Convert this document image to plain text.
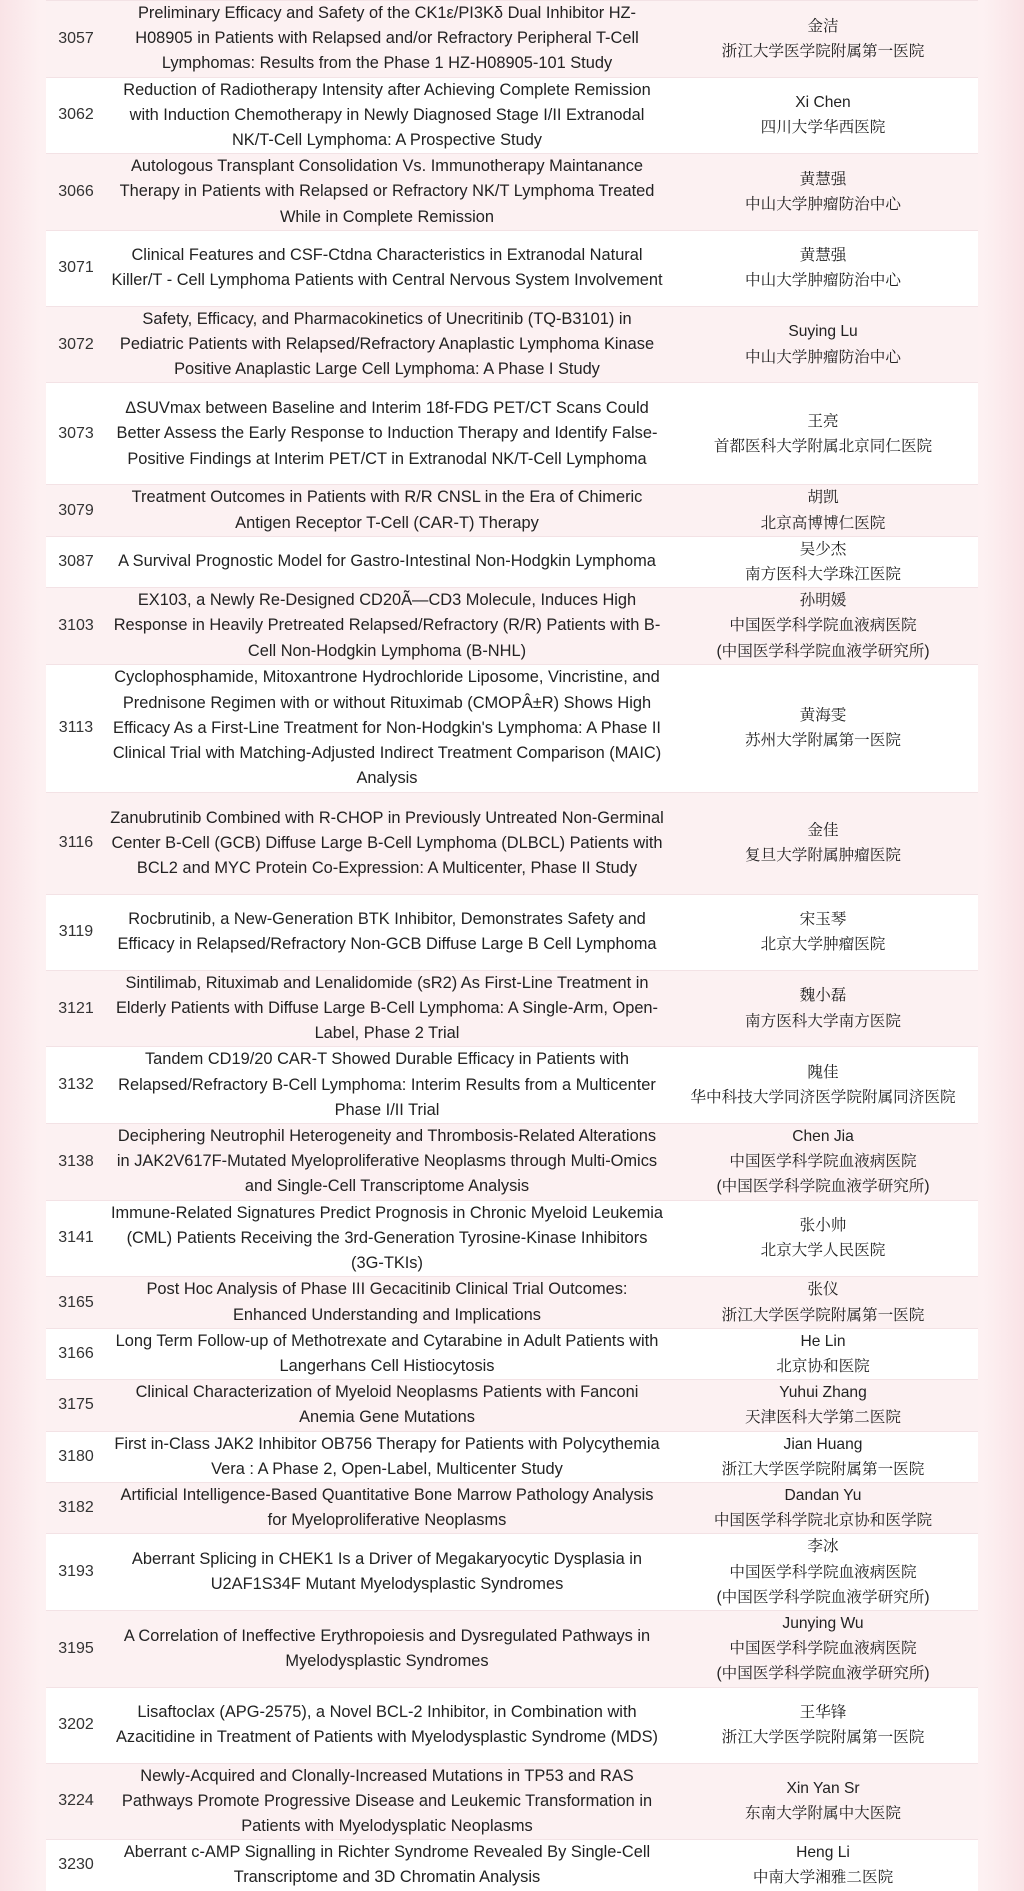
3057	Preliminary Efficacy and Safety of the CK1ε/PI3Kδ Dual Inhibitor HZ-H08905 in Patients with Relapsed and/or Refractory Peripheral T-Cell Lymphomas: Results from the Phase 1 HZ-H08905-101 Study	金洁
浙江大学医学院附属第一医院

3062	Reduction of Radiotherapy Intensity after Achieving Complete Remission with Induction Chemotherapy in Newly Diagnosed Stage I/II Extranodal NK/T-Cell Lymphoma: A Prospective Study	Xi Chen
四川大学华西医院

3066	Autologous Transplant Consolidation Vs. Immunotherapy Maintanance Therapy in Patients with Relapsed or Refractory NK/T Lymphoma Treated While in Complete Remission	黄慧强
中山大学肿瘤防治中心

3071	Clinical Features and CSF-Ctdna Characteristics in Extranodal Natural Killer/T - Cell Lymphoma Patients with Central Nervous System Involvement	黄慧强
中山大学肿瘤防治中心

3072	Safety, Efficacy, and Pharmacokinetics of Unecritinib (TQ-B3101) in Pediatric Patients with Relapsed/Refractory Anaplastic Lymphoma Kinase Positive Anaplastic Large Cell Lymphoma: A Phase I Study	Suying Lu
中山大学肿瘤防治中心

3073	ΔSUVmax between Baseline and Interim 18f-FDG PET/CT Scans Could Better Assess the Early Response to Induction Therapy and Identify False-Positive Findings at Interim PET/CT in Extranodal NK/T-Cell Lymphoma	王亮
首都医科大学附属北京同仁医院

3079	Treatment Outcomes in Patients with R/R CNSL in the Era of Chimeric Antigen Receptor T-Cell (CAR-T) Therapy	胡凯
北京高博博仁医院

3087	A Survival Prognostic Model for Gastro-Intestinal Non-Hodgkin Lymphoma	吴少杰
南方医科大学珠江医院

3103	EX103, a Newly Re-Designed CD20Ã—CD3 Molecule, Induces High Response in Heavily Pretreated Relapsed/Refractory (R/R) Patients with B-Cell Non-Hodgkin Lymphoma (B-NHL)	孙明媛
中国医学科学院血液病医院
(中国医学科学院血液学研究所)

3113	Cyclophosphamide, Mitoxantrone Hydrochloride Liposome, Vincristine, and Prednisone Regimen with or without Rituximab (CMOPÂ±R) Shows High Efficacy As a First-Line Treatment for Non-Hodgkin's Lymphoma: A Phase II Clinical Trial with Matching-Adjusted Indirect Treatment Comparison (MAIC) Analysis	黄海雯
苏州大学附属第一医院

3116	Zanubrutinib Combined with R-CHOP in Previously Untreated Non-Germinal Center B-Cell (GCB) Diffuse Large B-Cell Lymphoma (DLBCL) Patients with BCL2 and MYC Protein Co-Expression: A Multicenter, Phase II Study	金佳
复旦大学附属肿瘤医院

3119	Rocbrutinib, a New-Generation BTK Inhibitor, Demonstrates Safety and Efficacy in Relapsed/Refractory Non-GCB Diffuse Large B Cell Lymphoma	宋玉琴
北京大学肿瘤医院

3121	Sintilimab, Rituximab and Lenalidomide (sR2) As First-Line Treatment in Elderly Patients with Diffuse Large B-Cell Lymphoma: A Single-Arm, Open-Label, Phase 2 Trial	魏小磊
南方医科大学南方医院

3132	Tandem CD19/20 CAR-T Showed Durable Efficacy in Patients with Relapsed/Refractory B-Cell Lymphoma: Interim Results from a Multicenter Phase I/II Trial	隗佳
华中科技大学同济医学院附属同济医院

3138	Deciphering Neutrophil Heterogeneity and Thrombosis-Related Alterations in JAK2V617F-Mutated Myeloproliferative Neoplasms through Multi-Omics and Single-Cell Transcriptome Analysis	Chen Jia
中国医学科学院血液病医院
(中国医学科学院血液学研究所)

3141	Immune-Related Signatures Predict Prognosis in Chronic Myeloid Leukemia (CML) Patients Receiving the 3rd-Generation Tyrosine-Kinase Inhibitors (3G-TKIs)	张小帅
北京大学人民医院

3165	Post Hoc Analysis of Phase III Gecacitinib Clinical Trial Outcomes: Enhanced Understanding and Implications	张仪
浙江大学医学院附属第一医院

3166	Long Term Follow-up of Methotrexate and Cytarabine in Adult Patients with Langerhans Cell Histiocytosis	He Lin
北京协和医院

3175	Clinical Characterization of Myeloid Neoplasms Patients with Fanconi Anemia Gene Mutations	Yuhui Zhang
天津医科大学第二医院

3180	First in-Class JAK2 Inhibitor OB756 Therapy for Patients with Polycythemia Vera : A Phase 2, Open-Label, Multicenter Study	Jian Huang
浙江大学医学院附属第一医院

3182	Artificial Intelligence-Based Quantitative Bone Marrow Pathology Analysis for Myeloproliferative Neoplasms	Dandan Yu
中国医学科学院北京协和医学院

3193	Aberrant Splicing in CHEK1 Is a Driver of Megakaryocytic Dysplasia in U2AF1S34F Mutant Myelodysplastic Syndromes	李冰
中国医学科学院血液病医院
(中国医学科学院血液学研究所)

3195	A Correlation of Ineffective Erythropoiesis and Dysregulated Pathways in Myelodysplastic Syndromes	Junying Wu
中国医学科学院血液病医院
(中国医学科学院血液学研究所)

3202	Lisaftoclax (APG-2575), a Novel BCL-2 Inhibitor, in Combination with Azacitidine in Treatment of Patients with Myelodysplastic Syndrome (MDS)	王华锋
浙江大学医学院附属第一医院

3224	Newly-Acquired and Clonally-Increased Mutations in TP53 and RAS Pathways Promote Progressive Disease and Leukemic Transformation in Patients with Myelodysplatic Neoplasms	Xin Yan Sr
东南大学附属中大医院

3230	Aberrant c-AMP Signalling in Richter Syndrome Revealed By Single-Cell Transcriptome and 3D Chromatin Analysis	Heng Li
中南大学湘雅二医院
